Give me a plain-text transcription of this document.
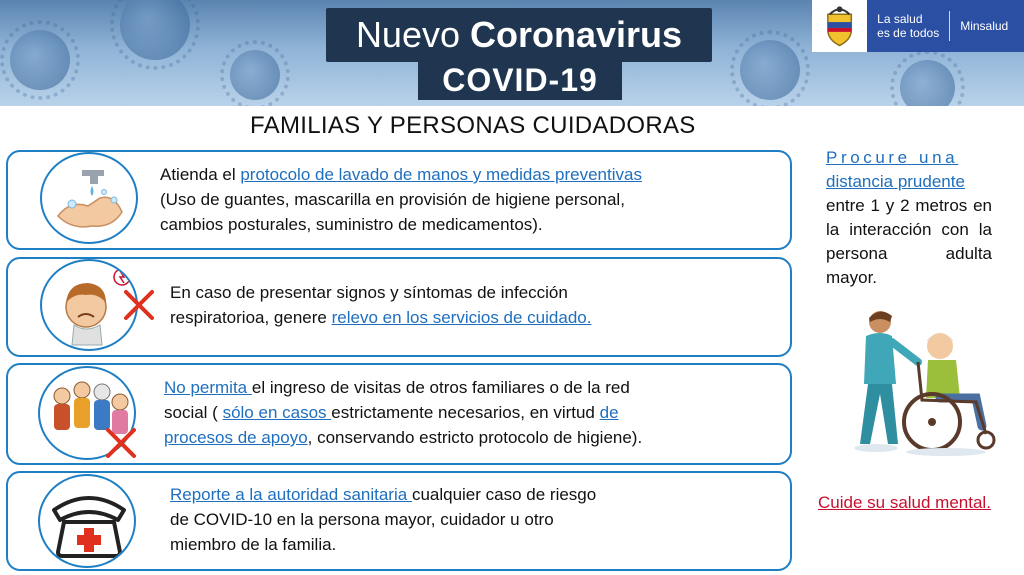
Nuevo Coronavirus
COVID-19
La salud
es de todos Minsalud
FAMILIAS Y PERSONAS CUIDADORAS
Atienda el protocolo de lavado de manos y medidas preventivas
(Uso de guantes, mascarilla en provisión de higiene personal,
cambios posturales, suministro de medicamentos).
En caso de presentar signos y síntomas de infección
respiratorioa, genere relevo en los servicios de cuidado.
No permita el ingreso de visitas de otros familiares o de la red
social ( sólo en casos estrictamente necesarios, en virtud de
procesos de apoyo, conservando estricto protocolo de higiene).
Reporte a la autoridad sanitaria cualquier caso de riesgo
de COVID-10 en la persona mayor, cuidador u otro
miembro de la familia.
Procure una
distancia prudente
entre 1 y 2 metros en la interacción con la persona adulta mayor.
Cuide su salud mental.
